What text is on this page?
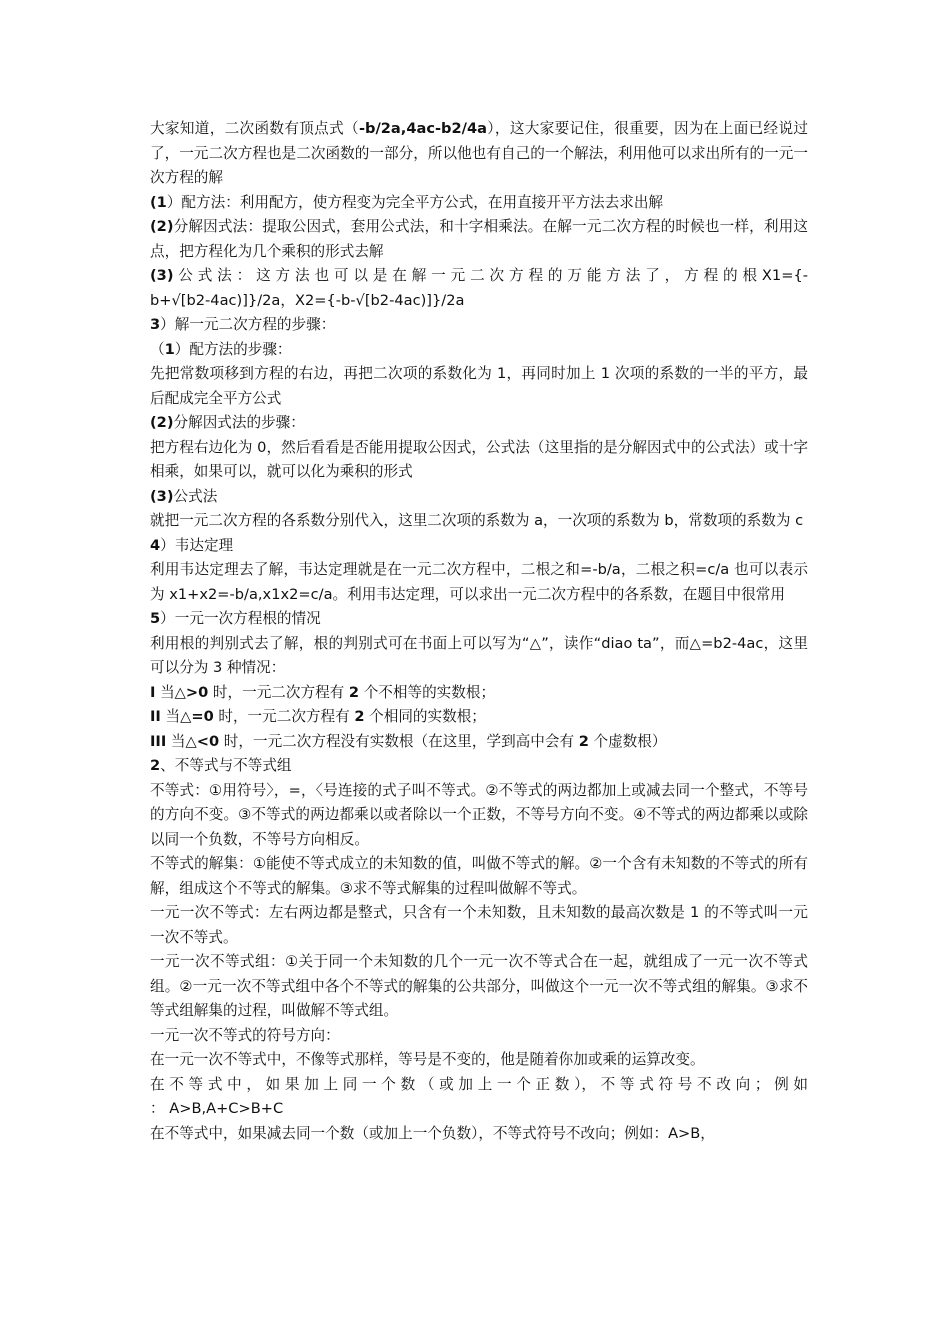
大家知道，二次函数有顶点式（-b/2a,4ac-b2/4a），这大家要记住，很重要，因为在上面已经说过了，一元二次方程也是二次函数的一部分，所以他也有自己的一个解法，利用他可以求出所有的一元一次方程的解

(1）配方法：利用配方，使方程变为完全平方公式，在用直接开平方法去求出解

(2)分解因式法：提取公因式，套用公式法，和十字相乘法。在解一元二次方程的时候也一样，利用这点，把方程化为几个乘积的形式去解

(3) 公 式 法 ： 这 方 法 也 可 以 是 在 解 一 元 二 次 方 程 的 万 能 方 法 了 ， 方 程 的 根 X1={-b+√[b2-4ac)]}/2a，X2={-b-√[b2-4ac)]}/2a

3）解一元二次方程的步骤：

（1）配方法的步骤：

先把常数项移到方程的右边，再把二次项的系数化为 1，再同时加上 1 次项的系数的一半的平方，最后配成完全平方公式

(2)分解因式法的步骤：

把方程右边化为 0，然后看看是否能用提取公因式，公式法（这里指的是分解因式中的公式法）或十字相乘，如果可以，就可以化为乘积的形式

(3)公式法

就把一元二次方程的各系数分别代入，这里二次项的系数为 a，一次项的系数为 b，常数项的系数为 c

4）韦达定理

利用韦达定理去了解，韦达定理就是在一元二次方程中，二根之和=-b/a，二根之积=c/a 也可以表示为 x1+x2=-b/a,x1x2=c/a。利用韦达定理，可以求出一元二次方程中的各系数，在题目中很常用

5）一元一次方程根的情况

利用根的判别式去了解，根的判别式可在书面上可以写为“△”，读作“diao ta”，而△=b2-4ac，这里可以分为 3 种情况：

I 当△>0 时，一元二次方程有 2 个不相等的实数根；

II 当△=0 时，一元二次方程有 2 个相同的实数根；

III 当△<0 时，一元二次方程没有实数根（在这里，学到高中会有 2 个虚数根）

2、不等式与不等式组

不等式：①用符号〉，=，〈号连接的式子叫不等式。②不等式的两边都加上或减去同一个整式，不等号的方向不变。③不等式的两边都乘以或者除以一个正数，不等号方向不变。④不等式的两边都乘以或除以同一个负数，不等号方向相反。

不等式的解集：①能使不等式成立的未知数的值，叫做不等式的解。②一个含有未知数的不等式的所有解，组成这个不等式的解集。③求不等式解集的过程叫做解不等式。

一元一次不等式：左右两边都是整式，只含有一个未知数，且未知数的最高次数是 1 的不等式叫一元一次不等式。

一元一次不等式组：①关于同一个未知数的几个一元一次不等式合在一起，就组成了一元一次不等式组。②一元一次不等式组中各个不等式的解集的公共部分，叫做这个一元一次不等式组的解集。③求不等式组解集的过程，叫做解不等式组。

一元一次不等式的符号方向：

在一元一次不等式中，不像等式那样，等号是不变的，他是随着你加或乘的运算改变。

在 不 等 式 中 ， 如 果 加 上 同 一 个 数 （ 或 加 上 一 个 正 数 ）， 不 等 式 符 号 不 改 向 ； 例 如 ： A>B,A+C>B+C

在不等式中，如果减去同一个数（或加上一个负数），不等式符号不改向；例如：A>B，
